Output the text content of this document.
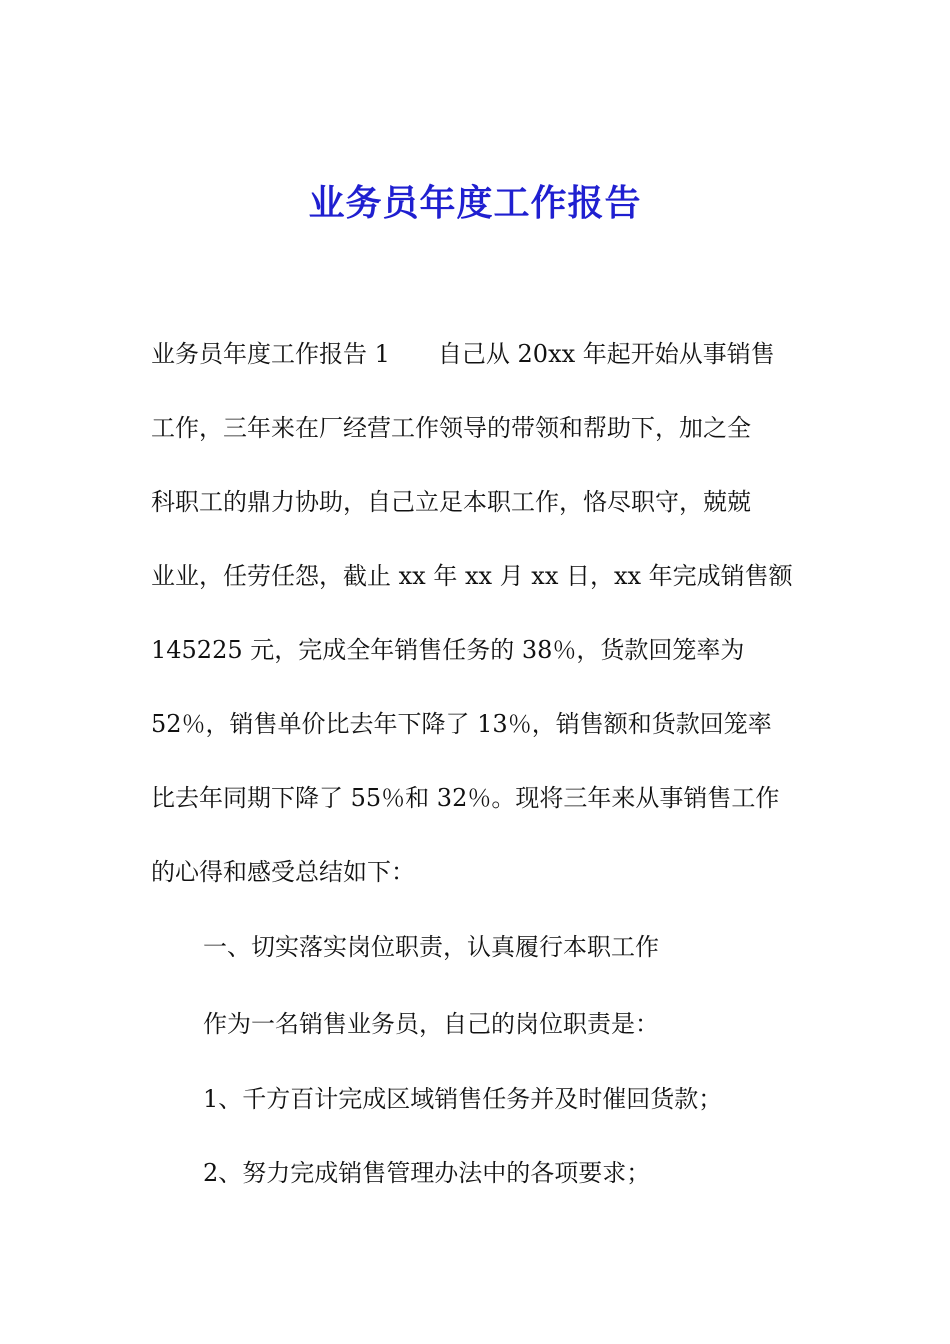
业务员年度工作报告
业务员年度工作报告 1 自己从 20xx 年起开始从事销售
工作，三年来在厂经营工作领导的带领和帮助下，加之全
科职工的鼎力协助，自己立足本职工作，恪尽职守，兢兢
业业，任劳任怨，截止 xx 年 xx 月 xx 日，xx 年完成销售额
145225 元，完成全年销售任务的 38％，货款回笼率为
52％，销售单价比去年下降了 13％，销售额和货款回笼率
比去年同期下降了 55％和 32％。现将三年来从事销售工作
的心得和感受总结如下：
一、切实落实岗位职责，认真履行本职工作
作为一名销售业务员，自己的岗位职责是：
1、千方百计完成区域销售任务并及时催回货款；
2、努力完成销售管理办法中的各项要求；
